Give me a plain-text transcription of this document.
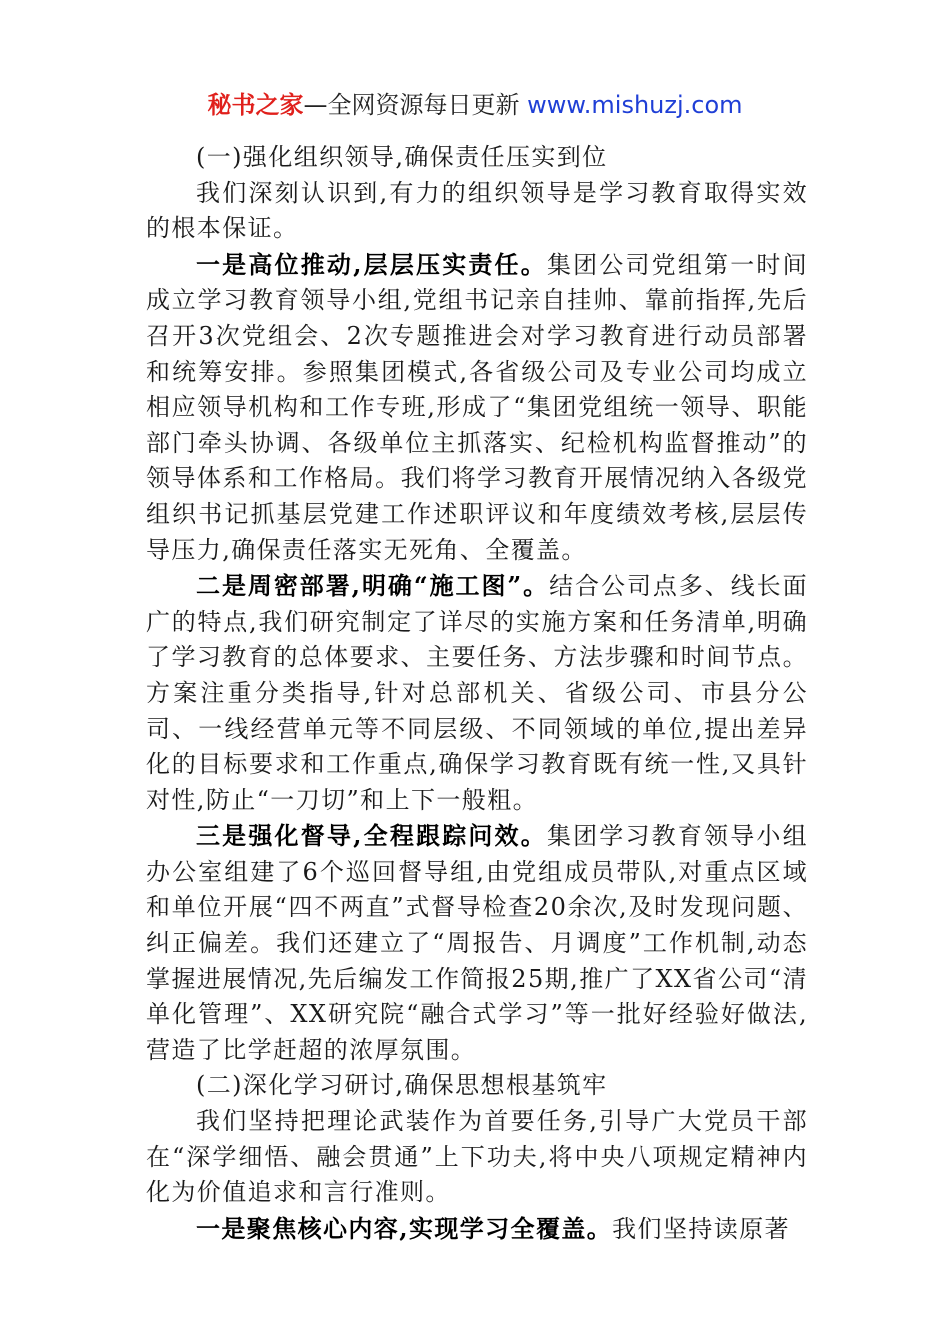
秘书之家—全网资源每日更新 www.mishuzj.com

(一)强化组织领导,确保责任压实到位

我们深刻认识到,有力的组织领导是学习教育取得实效的根本保证。

一是高位推动,层层压实责任。集团公司党组第一时间成立学习教育领导小组,党组书记亲自挂帅、靠前指挥,先后召开3次党组会、2次专题推进会对学习教育进行动员部署和统筹安排。参照集团模式,各省级公司及专业公司均成立相应领导机构和工作专班,形成了“集团党组统一领导、职能部门牵头协调、各级单位主抓落实、纪检机构监督推动”的领导体系和工作格局。我们将学习教育开展情况纳入各级党组织书记抓基层党建工作述职评议和年度绩效考核,层层传导压力,确保责任落实无死角、全覆盖。

二是周密部署,明确“施工图”。结合公司点多、线长面广的特点,我们研究制定了详尽的实施方案和任务清单,明确了学习教育的总体要求、主要任务、方法步骤和时间节点。方案注重分类指导,针对总部机关、省级公司、市县分公司、一线经营单元等不同层级、不同领域的单位,提出差异化的目标要求和工作重点,确保学习教育既有统一性,又具针对性,防止“一刀切”和上下一般粗。

三是强化督导,全程跟踪问效。集团学习教育领导小组办公室组建了6个巡回督导组,由党组成员带队,对重点区域和单位开展“四不两直”式督导检查20余次,及时发现问题、纠正偏差。我们还建立了“周报告、月调度”工作机制,动态掌握进展情况,先后编发工作简报25期,推广了XX省公司“清单化管理”、XX研究院“融合式学习”等一批好经验好做法,营造了比学赶超的浓厚氛围。

(二)深化学习研讨,确保思想根基筑牢

我们坚持把理论武装作为首要任务,引导广大党员干部在“深学细悟、融会贯通”上下功夫,将中央八项规定精神内化为价值追求和言行准则。

一是聚焦核心内容,实现学习全覆盖。我们坚持读原著
